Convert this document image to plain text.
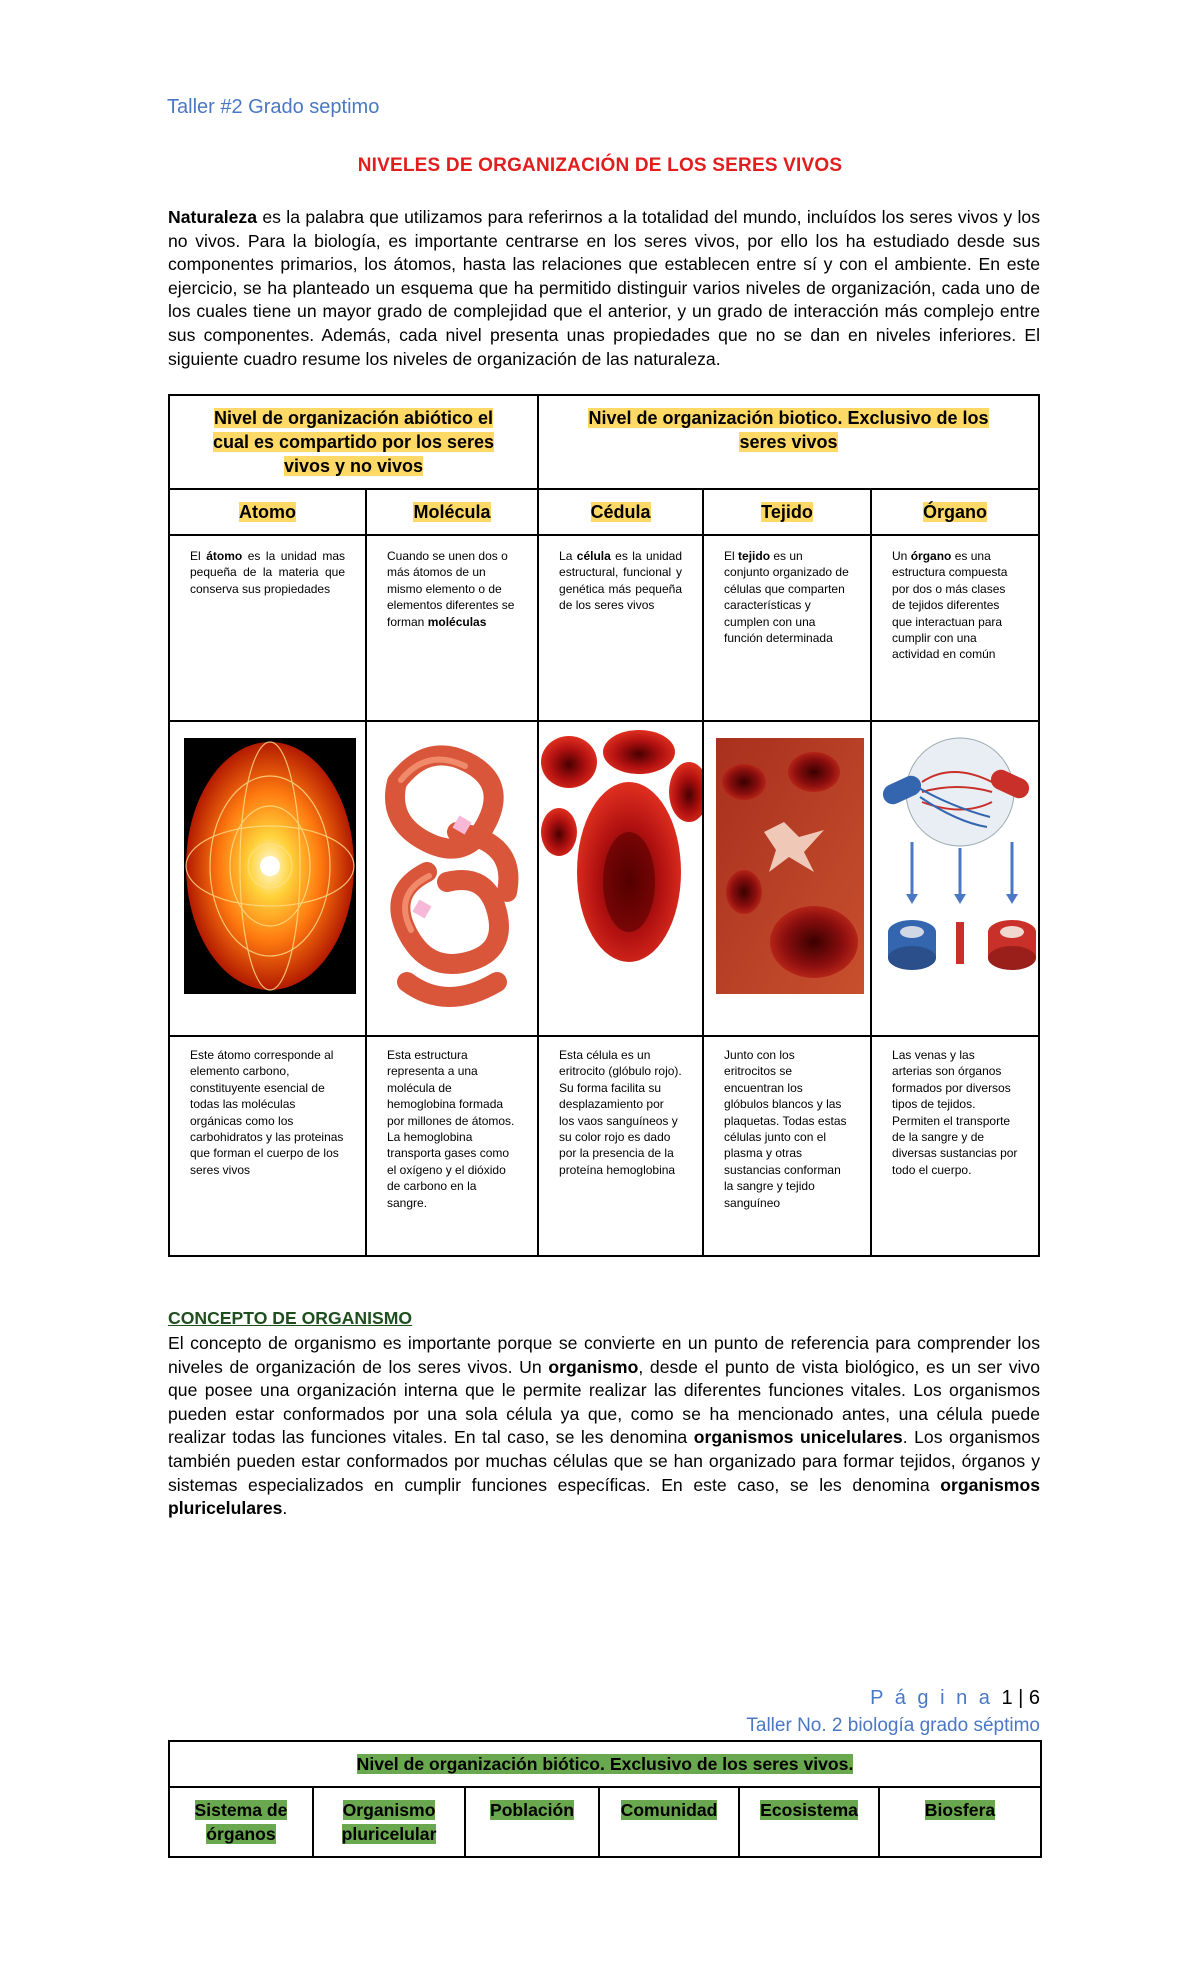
Taller #2 Grado septimo
NIVELES DE ORGANIZACIÓN DE LOS SERES VIVOS
Naturaleza es la palabra que utilizamos para referirnos a la totalidad del mundo, incluídos los seres vivos y los no vivos. Para la biología, es importante centrarse en los seres vivos, por ello los ha estudiado desde sus componentes primarios, los átomos, hasta las relaciones que establecen entre sí y con el ambiente. En este ejercicio, se ha planteado un esquema que ha permitido distinguir varios niveles de organización, cada uno de los cuales tiene un mayor grado de complejidad que el anterior, y un grado de interacción más complejo entre sus componentes. Además, cada nivel presenta unas propiedades que no se dan en niveles inferiores. El siguiente cuadro resume los niveles de organización de las naturaleza.
Nivel de organización abiótico el cual es compartido por los seres vivos y no vivos		Nivel de organización biotico. Exclusivo de los seres vivos		
Atomo	Molécula	Cédula	Tejido	Órgano

El átomo es la unidad mas pequeña de la materia que conserva sus propiedades	Cuando se unen dos o más átomos de un mismo elemento o de elementos diferentes se forman moléculas	La célula es la unidad estructural, funcional y genética más pequeña de los seres vivos	El tejido es un conjunto organizado de células que comparten características y cumplen con una función determinada	Un órgano es una estructura compuesta por dos o más clases de tejidos diferentes que interactuan para cumplir con una actividad en común

Este átomo corresponde al elemento carbono, constituyente esencial de todas las moléculas orgánicas como los carbohidratos y las proteinas que forman el cuerpo de los seres vivos	Esta estructura representa a una molécula de hemoglobina formada por millones de átomos. La hemoglobina transporta gases como el oxígeno y el dióxido de carbono en la sangre.	Esta célula es un eritrocito (glóbulo rojo). Su forma facilita su desplazamiento por los vaos sanguíneos y su color rojo es dado por la presencia de la proteína hemoglobina	Junto con los eritrocitos se encuentran los glóbulos blancos y las plaquetas. Todas estas células junto con el plasma y otras sustancias conforman la sangre y tejido sanguíneo	Las venas y las arterias son órganos formados por diversos tipos de tejidos. Permiten el transporte de la sangre y de diversas sustancias por todo el cuerpo.
CONCEPTO DE ORGANISMO
El concepto de organismo es importante porque se convierte en un punto de referencia para comprender los niveles de organización de los seres vivos. Un organismo, desde el punto de vista biológico, es un ser vivo que posee una organización interna que le permite realizar las diferentes funciones vitales. Los organismos pueden estar conformados por una sola célula ya que, como se ha mencionado antes, una célula puede realizar todas las funciones vitales. En tal caso, se les denomina organismos unicelulares. Los organismos también pueden estar conformados por muchas células que se han organizado para formar tejidos, órganos y sistemas especializados en cumplir funciones específicas. En este caso, se les denomina organismos pluricelulares.
P á g i n a 1 | 6
Taller No. 2 biología grado séptimo
Nivel de organización biótico. Exclusivo de los seres vivos.
Sistema de órganos	Organismo pluricelular	Población	Comunidad	Ecosistema	Biosfera
